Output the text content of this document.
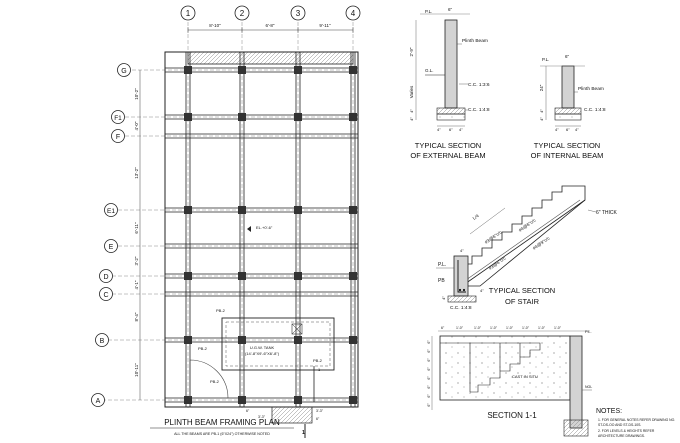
U.G.W. TANK
(14'-8"X9'-6"X6'-8")
PB-2
PB-2
PB-2
PB-2
EL.+0'-6"
1
6"
3'-3"
3'-3"
6"
1
8'-10"	6'-8"	9'-11"
10'-2"
4'-0"
13'-2"
6'-11"
3'-2"
4'-1"
8'-4"
10'-11"
1	2	3	4
G
F1
F
E1
E
D
C
B
A
PLINTH BEAM FRAMING PLAN
ALL THE BEAMS ARE PB-1 (6"X24") OTHERWISE NOTED
P.L.	6"
2'-9"
Varies
G.L.
Plinth Beam
C.C. 1:3:6
C.C. 1:4:8
4"
4"
4" 6" 4"
TYPICAL SECTION
OF EXTERNAL BEAM
P.L.
6"
24"	Plinth Beam
C.C. 1:4:8
4"
4"
4" 6" 4"
TYPICAL SECTION
OF INTERNAL BEAM
6" THICK
L/4
#4@6"c/c
#3@6"c/c	#4@9"c/c
#3@6"c/c
P.L.
PB
4"
4"
4"
C.C. 1:4:8
TYPICAL SECTION
OF STAIR
6"	1'-0"	1'-0"	1'-0"	1'-0"	1'-0"	1'-0"	1'-0"
6"
6"
6"
6"
6"
6"
6"
6"
CAST IN SITU
P.L.
NGL
SECTION 1-1	NOTES:
1. FOR GENERAL NOTES REFER DRAWING NO.
ST-DS-OO AND ST-DS-10S.
2. FOR LEVELS & HEIGHTS REFER
ARCHITECTURE DRAWINGS.
